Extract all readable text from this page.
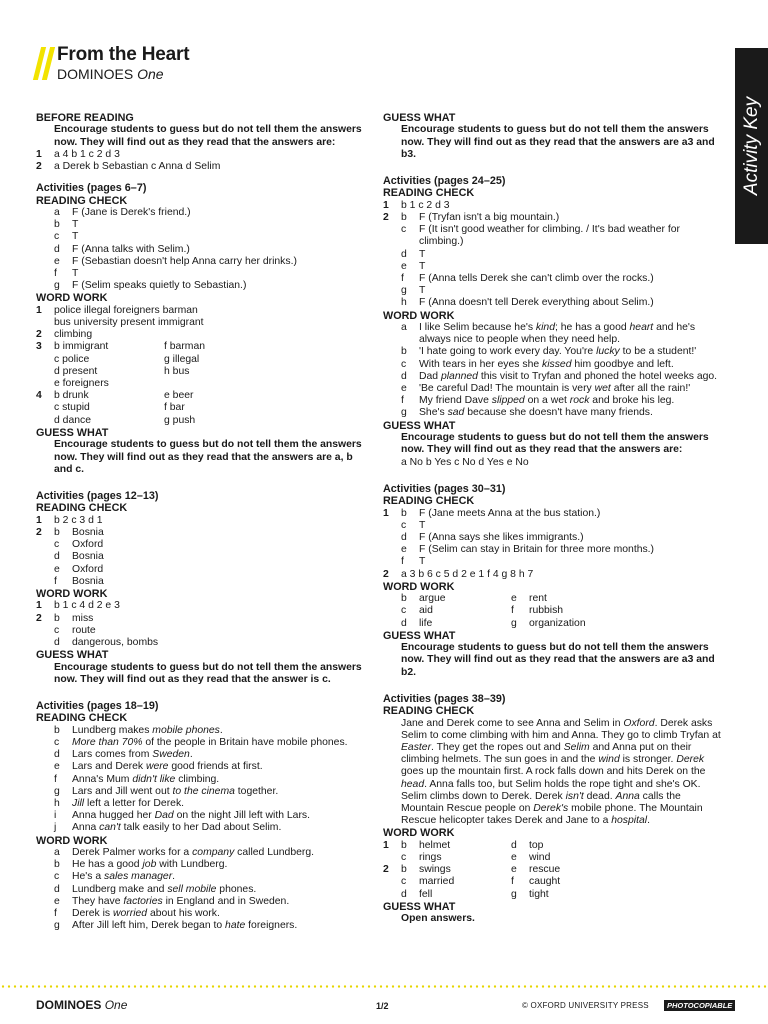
From the Heart
DOMINOES One
Activity Key
BEFORE READING
Encourage students to guess but do not tell them the answers now. They will find out as they read that the answers are:
1	a 4 b 1 c 2 d 3
2	a Derek b Sebastian c Anna d Selim
Activities (pages 6–7)
READING CHECK
a	F (Jane is Derek's friend.)
b	T
c	T
d	F (Anna talks with Selim.)
e	F (Sebastian doesn't help Anna carry her drinks.)
f	T
g	F (Selim speaks quietly to Sebastian.)
WORD WORK
1	police illegal foreigners barman
bus university present immigrant
2	climbing
3	b immigrant	f barman
c police	g illegal
d present	h bus
e foreigners
4	b drunk	e beer
c stupid	f bar
d dance	g push
GUESS WHAT
Encourage students to guess but do not tell them the answers now. They will find out as they read that the answers are a, b and c.
Activities (pages 12–13)
READING CHECK
1	b 2 c 3 d 1
2	b	Bosnia
c	Oxford
d	Bosnia
e	Oxford
f	Bosnia
WORD WORK
1	b 1 c 4 d 2 e 3
2	b	miss
c	route
d	dangerous, bombs
GUESS WHAT
Encourage students to guess but do not tell them the answers now. They will find out as they read that the answer is c.
Activities (pages 18–19)
READING CHECK
b	Lundberg makes mobile phones.
c	More than 70% of the people in Britain have mobile phones.
d	Lars comes from Sweden.
e	Lars and Derek were good friends at first.
f	Anna's Mum didn't like climbing.
g	Lars and Jill went out to the cinema together.
h	Jill left a letter for Derek.
i	Anna hugged her Dad on the night Jill left with Lars.
j	Anna can't talk easily to her Dad about Selim.
WORD WORK
a	Derek Palmer works for a company called Lundberg.
b	He has a good job with Lundberg.
c	He's a sales manager.
d	Lundberg make and sell mobile phones.
e	They have factories in England and in Sweden.
f	Derek is worried about his work.
g	After Jill left him, Derek began to hate foreigners.
GUESS WHAT
Encourage students to guess but do not tell them the answers now. They will find out as they read that the answers are a3 and b3.
Activities (pages 24–25)
READING CHECK
1	b 1 c 2 d 3
2	b	F (Tryfan isn't a big mountain.)
c	F (It isn't good weather for climbing. / It's bad weather for climbing.)
d	T
e	T
f	F (Anna tells Derek she can't climb over the rocks.)
g	T
h	F (Anna doesn't tell Derek everything about Selim.)
WORD WORK
a	I like Selim because he's kind; he has a good heart and he's always nice to people when they need help.
b	'I hate going to work every day. You're lucky to be a student!'
c	With tears in her eyes she kissed him goodbye and left.
d	Dad planned this visit to Tryfan and phoned the hotel weeks ago.
e	'Be careful Dad! The mountain is very wet after all the rain!'
f	My friend Dave slipped on a wet rock and broke his leg.
g	She's sad because she doesn't have many friends.
GUESS WHAT
Encourage students to guess but do not tell them the answers now. They will find out as they read that the answers are:
a No b Yes c No d Yes e No
Activities (pages 30–31)
READING CHECK
1	b	F (Jane meets Anna at the bus station.)
c	T
d	F (Anna says she likes immigrants.)
e	F (Selim can stay in Britain for three more months.)
f	T
2	a 3 b 6 c 5 d 2 e 1 f 4 g 8 h 7
WORD WORK
b	argue	e	rent
c	aid	f	rubbish
d	life	g	organization
GUESS WHAT
Encourage students to guess but do not tell them the answers now. They will find out as they read that the answers are a3 and b2.
Activities (pages 38–39)
READING CHECK
Jane and Derek come to see Anna and Selim in Oxford. Derek asks Selim to come climbing with him and Anna. They go to climb Tryfan at Easter. They get the ropes out and Selim and Anna put on their climbing helmets. The sun goes in and the wind is stronger. Derek goes up the mountain first. A rock falls down and hits Derek on the head. Anna falls too, but Selim holds the rope tight and she's OK. Selim climbs down to Derek. Derek isn't dead. Anna calls the Mountain Rescue people on Derek's mobile phone. The Mountain Rescue helicopter takes Derek and Jane to a hospital.
WORD WORK
1	b	helmet	d	top
c	rings	e	wind
2	b	swings	e	rescue
c	married	f	caught
d	fell	g	tight
GUESS WHAT
Open answers.
DOMINOES One	1/2	© OXFORD UNIVERSITY PRESS	PHOTOCOPIABLE
